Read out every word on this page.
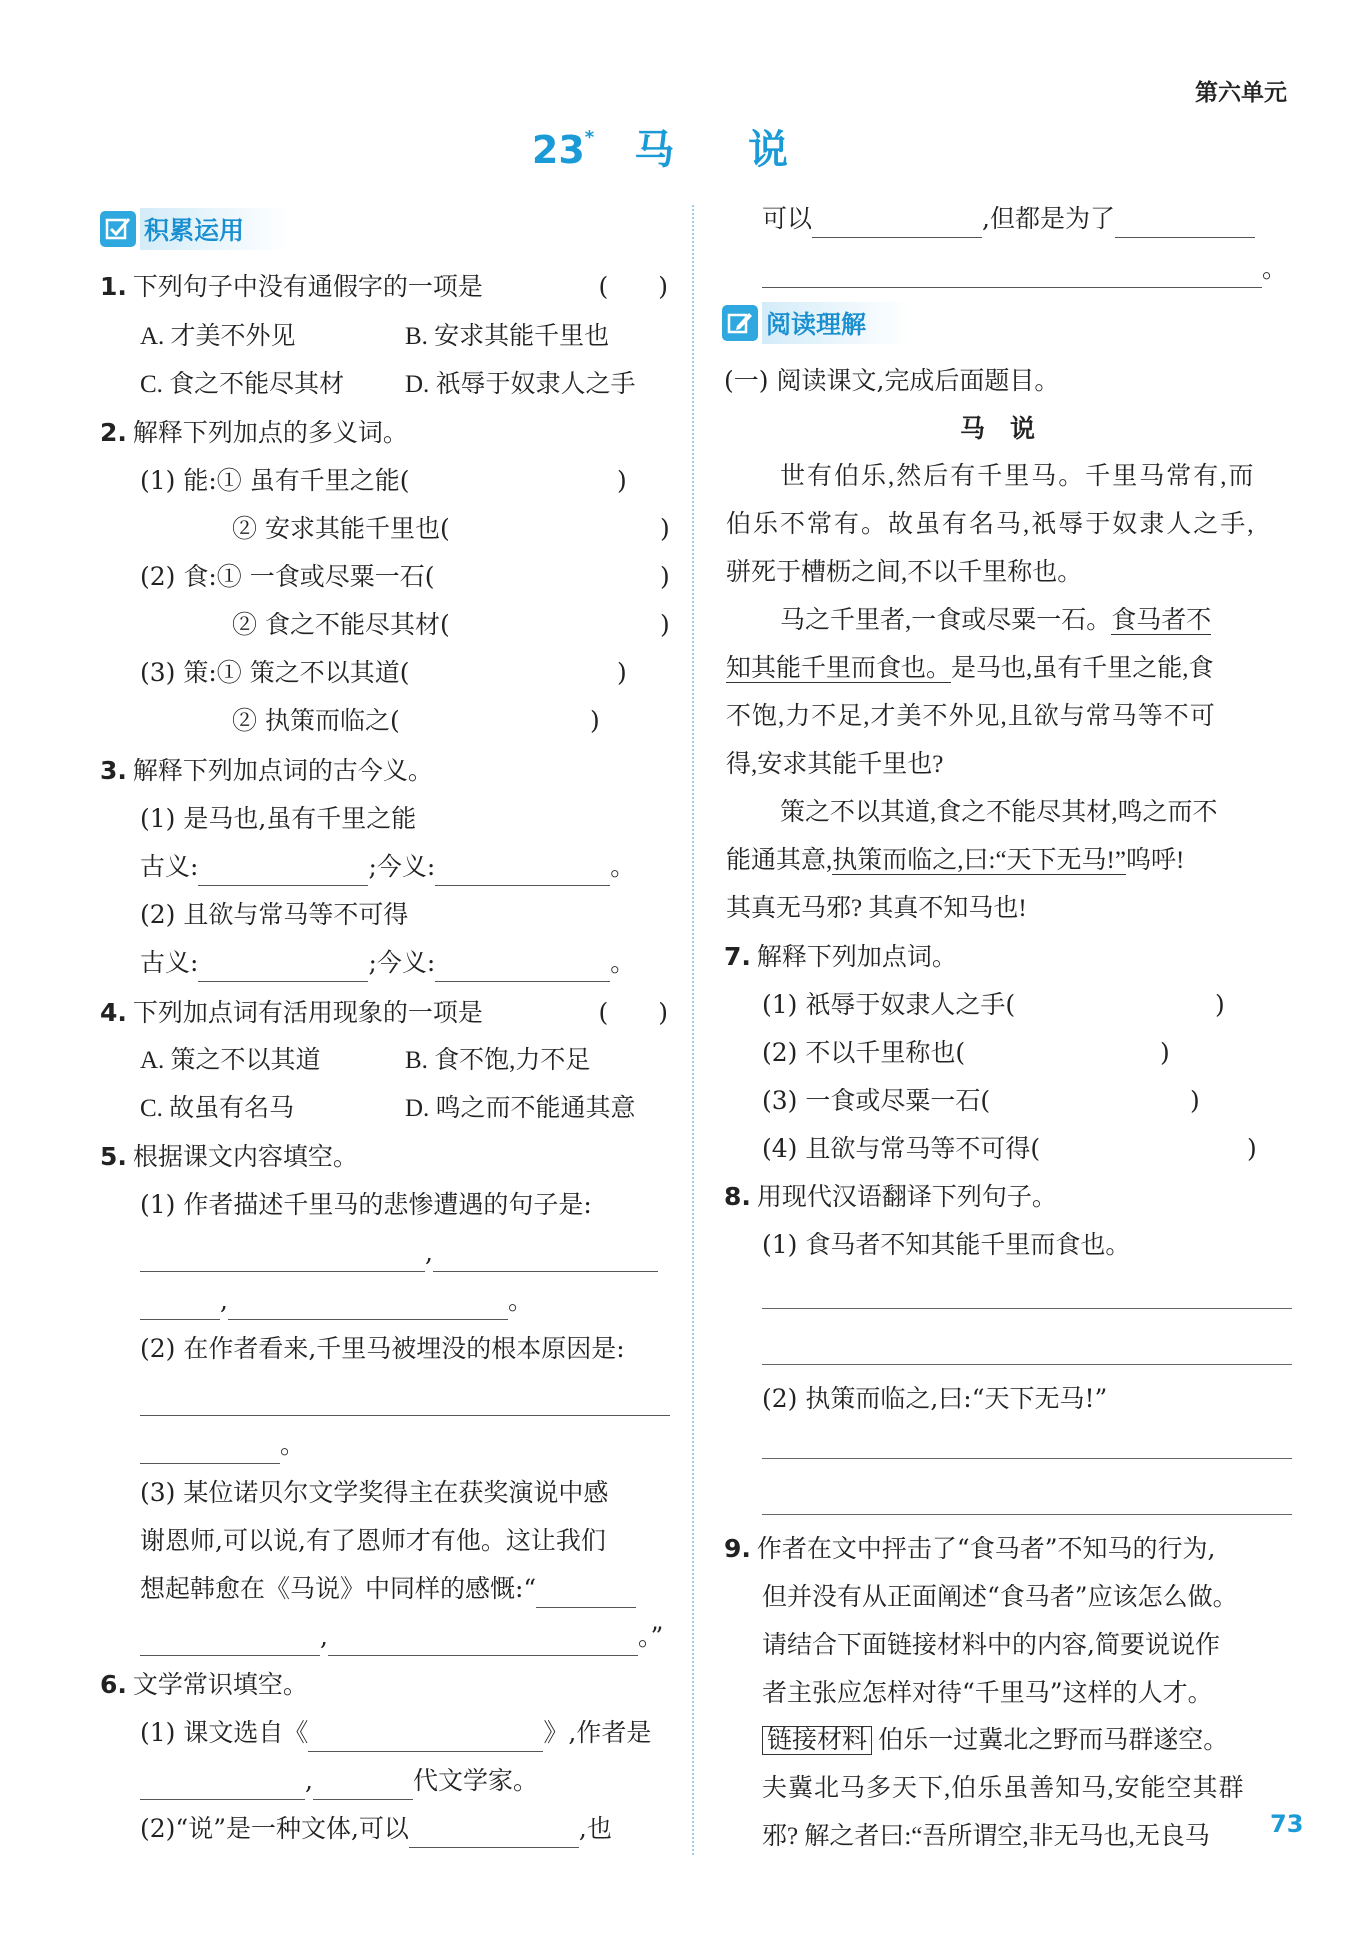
第六单元
23* 马 说
积累运用
1. 下列句子中没有通假字的一项是	(　　)
A. 才美不外见	B. 安求其能千里也
C. 食之不能尽其材 D. 祇辱于奴隶人之手
2. 解释下列加点的多义词。
(1) 能:① 虽有千里之能(	)
② 安求其能千里也(	)
(2) 食:① 一食或尽粟一石(	)
② 食之不能尽其材(	)
(3) 策:① 策之不以其道(	)
② 执策而临之(	)
3. 解释下列加点词的古今义。
(1) 是马也,虽有千里之能
古义:	;今义:	。
(2) 且欲与常马等不可得
古义:	;今义:	。
4. 下列加点词有活用现象的一项是	(　　)
A. 策之不以其道	B. 食不饱,力不足
C. 故虽有名马	D. 鸣之而不能通其意
5. 根据课文内容填空。
(1) 作者描述千里马的悲惨遭遇的句子是:
,
,	。
(2) 在作者看来,千里马被埋没的根本原因是:
。
(3) 某位诺贝尔文学奖得主在获奖演说中感
谢恩师,可以说,有了恩师才有他。这让我们
想起韩愈在《马说》中同样的感慨:“
,	。”
6. 文学常识填空。
(1) 课文选自《	》,作者是
,	代文学家。
(2)“说”是一种文体,可以	,也
可以	,但都是为了
。
阅读理解
(一) 阅读课文,完成后面题目。
马　说
世有伯乐,然后有千里马。千里马常有,而
伯乐不常有。故虽有名马,祇辱于奴隶人之手,
骈死于槽枥之间,不以千里称也。
马之千里者,一食或尽粟一石。食马者不
知其能千里而食也。是马也,虽有千里之能,食
不饱,力不足,才美不外见,且欲与常马等不可
得,安求其能千里也?
策之不以其道,食之不能尽其材,鸣之而不
能通其意,执策而临之,曰:“天下无马!”呜呼!
其真无马邪? 其真不知马也!
7. 解释下列加点词。
(1) 祇辱于奴隶人之手(	)
(2) 不以千里称也(	)
(3) 一食或尽粟一石(	)
(4) 且欲与常马等不可得(	)
8. 用现代汉语翻译下列句子。
(1) 食马者不知其能千里而食也。
(2) 执策而临之,曰:“天下无马!”
9. 作者在文中抨击了“食马者”不知马的行为,
但并没有从正面阐述“食马者”应该怎么做。
请结合下面链接材料中的内容,简要说说作
者主张应怎样对待“千里马”这样的人才。
链接材料 伯乐一过冀北之野而马群遂空。
夫冀北马多天下,伯乐虽善知马,安能空其群
邪? 解之者曰:“吾所谓空,非无马也,无良马	73
